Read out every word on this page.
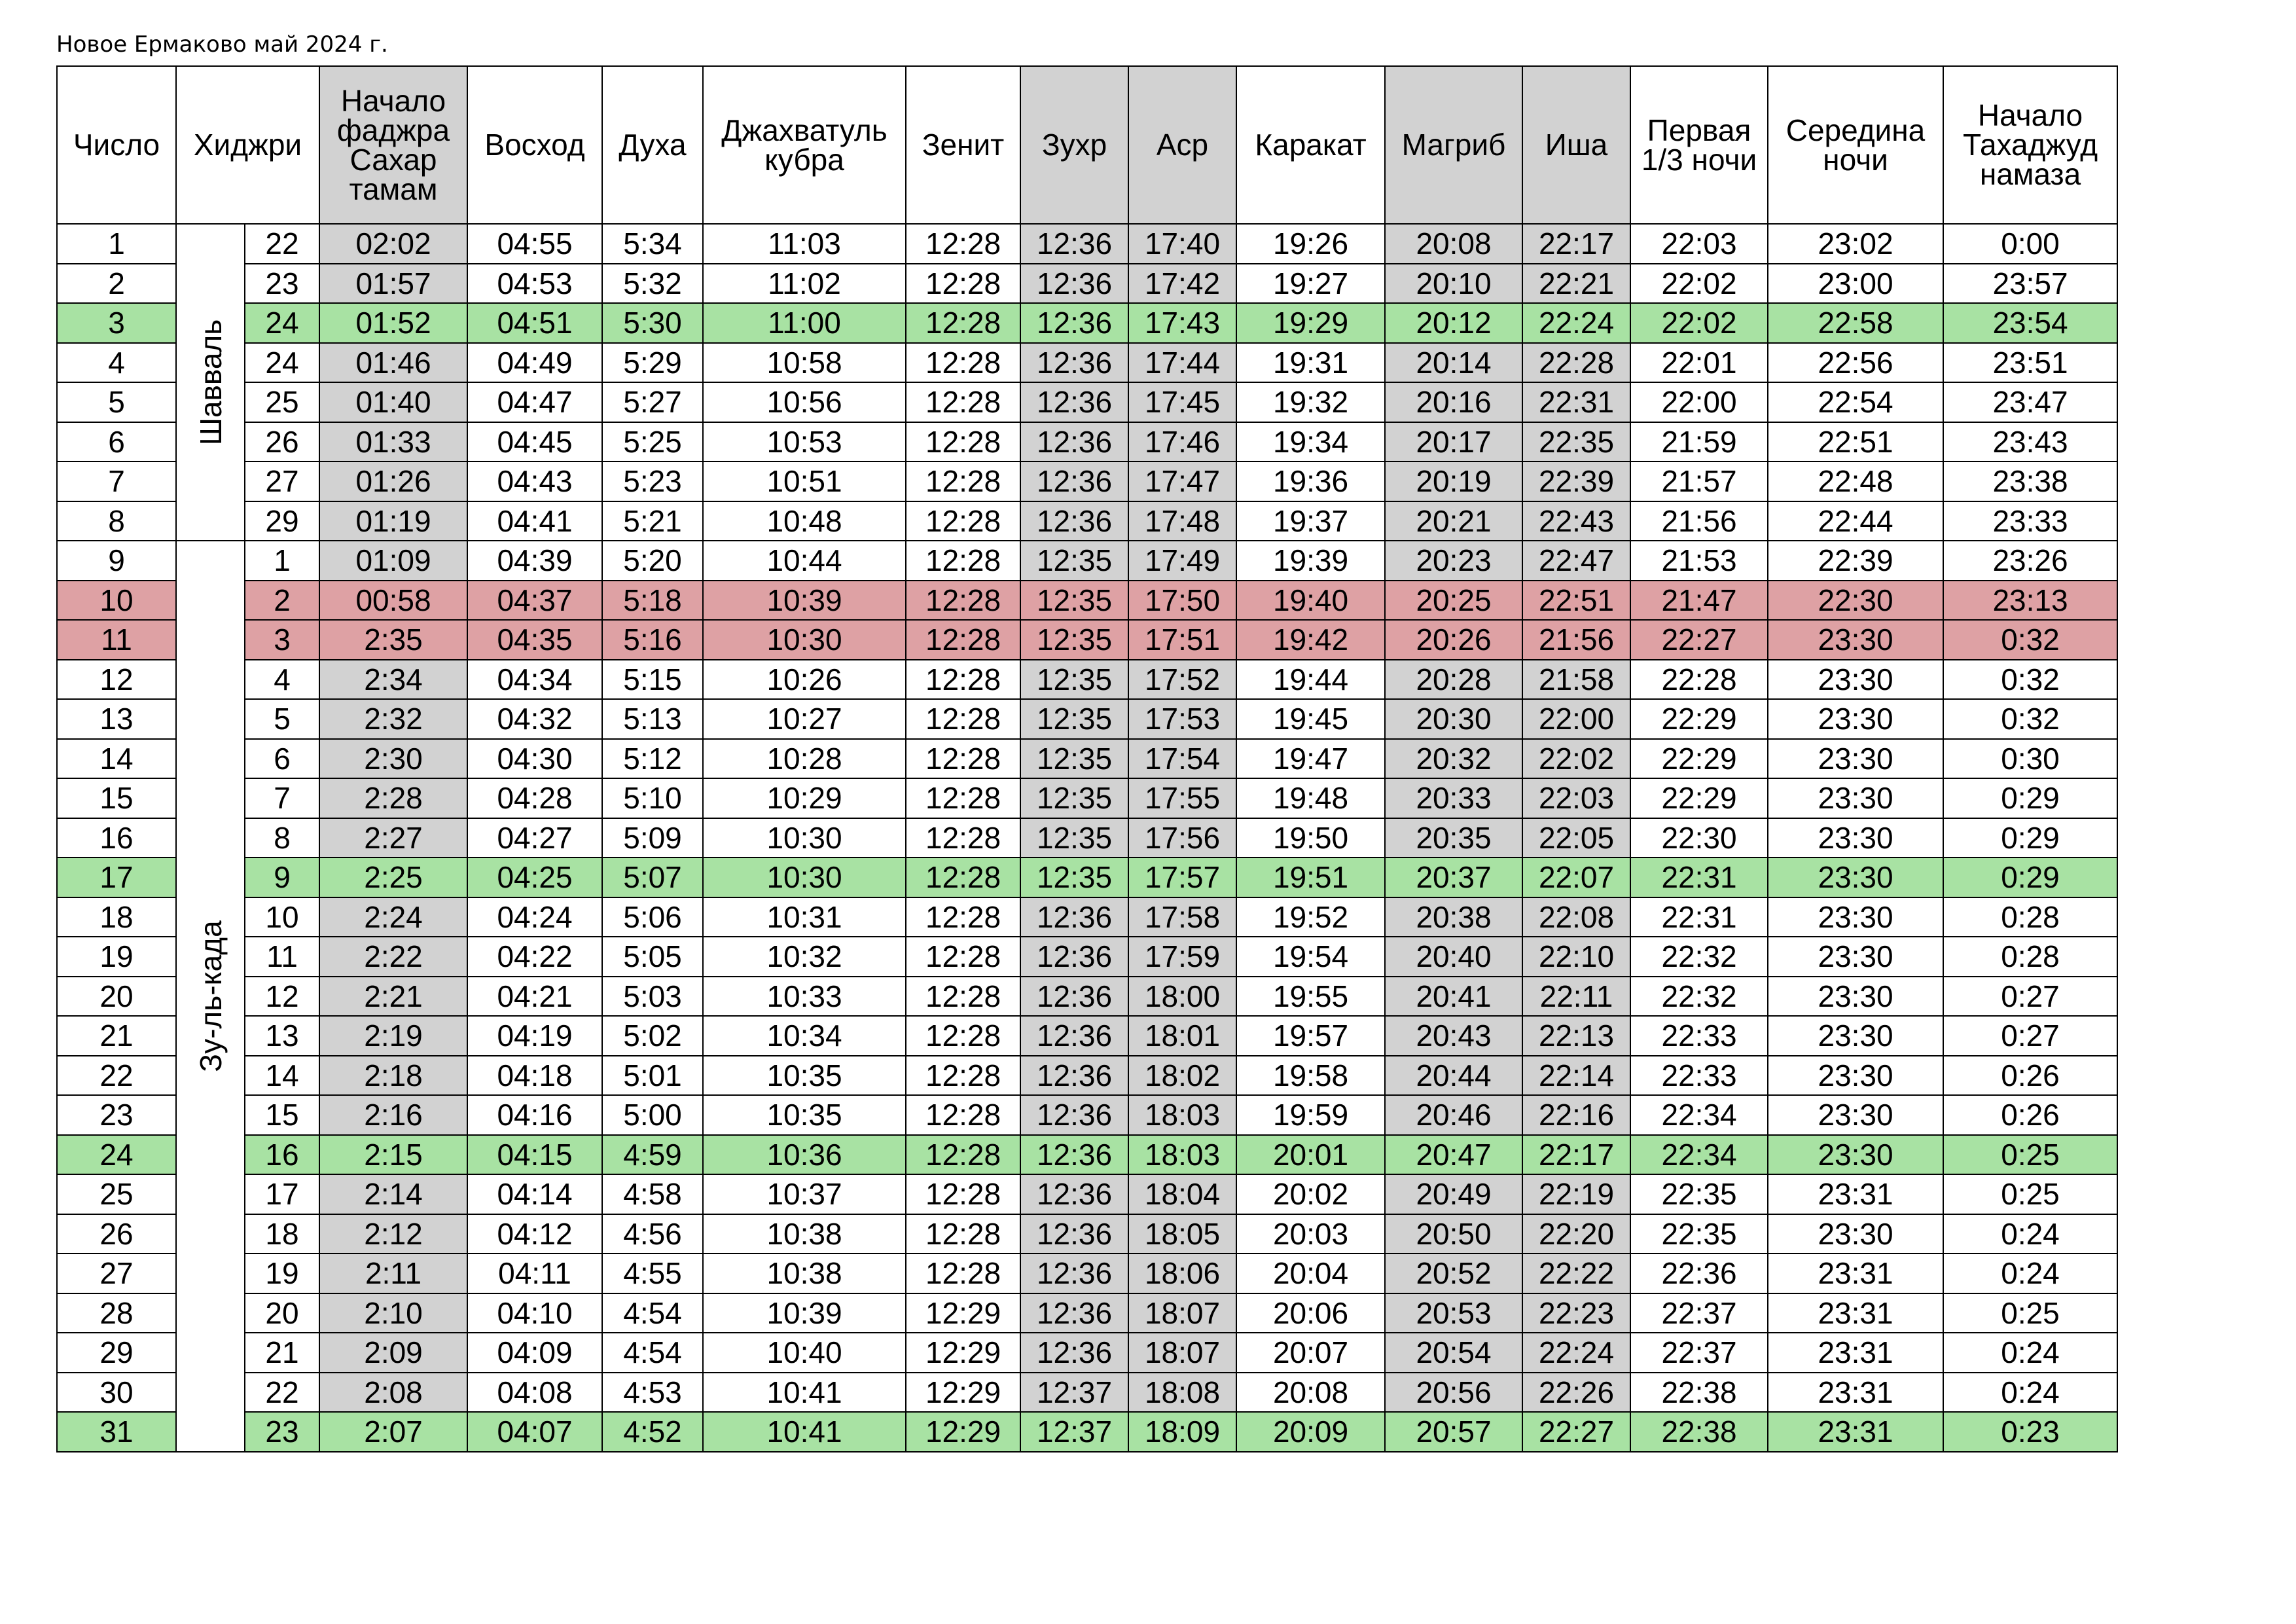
Новое Ермаково май 2024 г.
Число	Хиджри		Начало фаджра Сахар тамам	Восход	Духа	Джахватуль кубра	Зенит	Зухр	Аср	Каракат	Магриб	Иша	Первая 1/3 ночи	Середина ночи	Начало Тахаджуд намаза
1	Шавваль	22	02:02	04:55	5:34	11:03	12:28	12:36	17:40	19:26	20:08	22:17	22:03	23:02	0:00
2		23	01:57	04:53	5:32	11:02	12:28	12:36	17:42	19:27	20:10	22:21	22:02	23:00	23:57
3		24	01:52	04:51	5:30	11:00	12:28	12:36	17:43	19:29	20:12	22:24	22:02	22:58	23:54
4		24	01:46	04:49	5:29	10:58	12:28	12:36	17:44	19:31	20:14	22:28	22:01	22:56	23:51
5		25	01:40	04:47	5:27	10:56	12:28	12:36	17:45	19:32	20:16	22:31	22:00	22:54	23:47
6		26	01:33	04:45	5:25	10:53	12:28	12:36	17:46	19:34	20:17	22:35	21:59	22:51	23:43
7		27	01:26	04:43	5:23	10:51	12:28	12:36	17:47	19:36	20:19	22:39	21:57	22:48	23:38
8		29	01:19	04:41	5:21	10:48	12:28	12:36	17:48	19:37	20:21	22:43	21:56	22:44	23:33
9	Зу-ль-када	1	01:09	04:39	5:20	10:44	12:28	12:35	17:49	19:39	20:23	22:47	21:53	22:39	23:26
10		2	00:58	04:37	5:18	10:39	12:28	12:35	17:50	19:40	20:25	22:51	21:47	22:30	23:13
11		3	2:35	04:35	5:16	10:30	12:28	12:35	17:51	19:42	20:26	21:56	22:27	23:30	0:32
12		4	2:34	04:34	5:15	10:26	12:28	12:35	17:52	19:44	20:28	21:58	22:28	23:30	0:32
13		5	2:32	04:32	5:13	10:27	12:28	12:35	17:53	19:45	20:30	22:00	22:29	23:30	0:32
14		6	2:30	04:30	5:12	10:28	12:28	12:35	17:54	19:47	20:32	22:02	22:29	23:30	0:30
15		7	2:28	04:28	5:10	10:29	12:28	12:35	17:55	19:48	20:33	22:03	22:29	23:30	0:29
16		8	2:27	04:27	5:09	10:30	12:28	12:35	17:56	19:50	20:35	22:05	22:30	23:30	0:29
17		9	2:25	04:25	5:07	10:30	12:28	12:35	17:57	19:51	20:37	22:07	22:31	23:30	0:29
18		10	2:24	04:24	5:06	10:31	12:28	12:36	17:58	19:52	20:38	22:08	22:31	23:30	0:28
19		11	2:22	04:22	5:05	10:32	12:28	12:36	17:59	19:54	20:40	22:10	22:32	23:30	0:28
20		12	2:21	04:21	5:03	10:33	12:28	12:36	18:00	19:55	20:41	22:11	22:32	23:30	0:27
21		13	2:19	04:19	5:02	10:34	12:28	12:36	18:01	19:57	20:43	22:13	22:33	23:30	0:27
22		14	2:18	04:18	5:01	10:35	12:28	12:36	18:02	19:58	20:44	22:14	22:33	23:30	0:26
23		15	2:16	04:16	5:00	10:35	12:28	12:36	18:03	19:59	20:46	22:16	22:34	23:30	0:26
24		16	2:15	04:15	4:59	10:36	12:28	12:36	18:03	20:01	20:47	22:17	22:34	23:30	0:25
25		17	2:14	04:14	4:58	10:37	12:28	12:36	18:04	20:02	20:49	22:19	22:35	23:31	0:25
26		18	2:12	04:12	4:56	10:38	12:28	12:36	18:05	20:03	20:50	22:20	22:35	23:30	0:24
27		19	2:11	04:11	4:55	10:38	12:28	12:36	18:06	20:04	20:52	22:22	22:36	23:31	0:24
28		20	2:10	04:10	4:54	10:39	12:29	12:36	18:07	20:06	20:53	22:23	22:37	23:31	0:25
29		21	2:09	04:09	4:54	10:40	12:29	12:36	18:07	20:07	20:54	22:24	22:37	23:31	0:24
30		22	2:08	04:08	4:53	10:41	12:29	12:37	18:08	20:08	20:56	22:26	22:38	23:31	0:24
31		23	2:07	04:07	4:52	10:41	12:29	12:37	18:09	20:09	20:57	22:27	22:38	23:31	0:23
